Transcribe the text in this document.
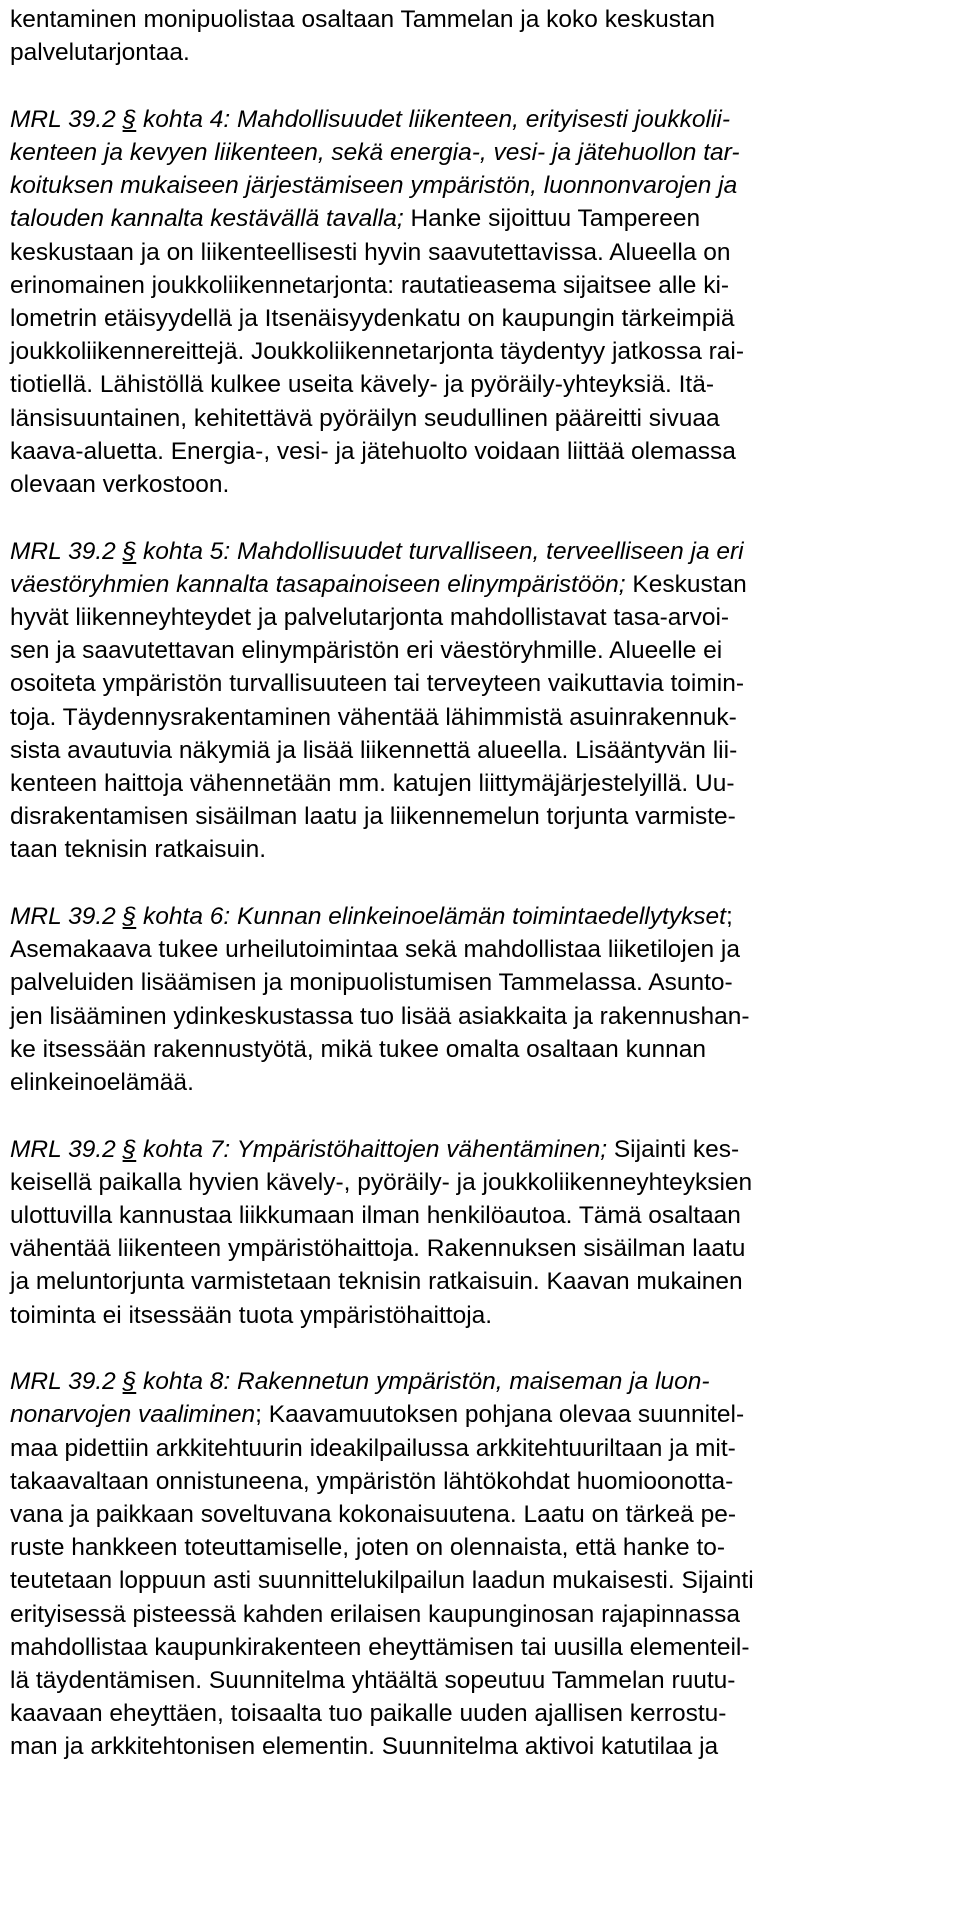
kentaminen monipuolistaa osaltaan Tammelan ja koko keskustan
palvelutarjontaa.
MRL 39.2 § kohta 4: Mahdollisuudet liikenteen, erityisesti joukkolii-
kenteen ja kevyen liikenteen, sekä energia-, vesi- ja jätehuollon tar-
koituksen mukaiseen järjestämiseen ympäristön, luonnonvarojen ja
talouden kannalta kestävällä tavalla; Hanke sijoittuu Tampereen
keskustaan ja on liikenteellisesti hyvin saavutettavissa. Alueella on
erinomainen joukkoliikennetarjonta: rautatieasema sijaitsee alle ki-
lometrin etäisyydellä ja Itsenäisyydenkatu on kaupungin tärkeimpiä
joukkoliikennereittejä. Joukkoliikennetarjonta täydentyy jatkossa rai-
tiotiellä. Lähistöllä kulkee useita kävely- ja pyöräily-yhteyksiä. Itä-
länsisuuntainen, kehitettävä pyöräilyn seudullinen pääreitti sivuaa
kaava-aluetta. Energia-, vesi- ja jätehuolto voidaan liittää olemassa
olevaan verkostoon.
MRL 39.2 § kohta 5: Mahdollisuudet turvalliseen, terveelliseen ja eri
väestöryhmien kannalta tasapainoiseen elinympäristöön; Keskustan
hyvät liikenneyhteydet ja palvelutarjonta mahdollistavat tasa-arvoi-
sen ja saavutettavan elinympäristön eri väestöryhmille. Alueelle ei
osoiteta ympäristön turvallisuuteen tai terveyteen vaikuttavia toimin-
toja. Täydennysrakentaminen vähentää lähimmistä asuinrakennuk-
sista avautuvia näkymiä ja lisää liikennettä alueella. Lisääntyvän lii-
kenteen haittoja vähennetään mm. katujen liittymäjärjestelyillä. Uu-
disrakentamisen sisäilman laatu ja liikennemelun torjunta varmiste-
taan teknisin ratkaisuin.
MRL 39.2 § kohta 6: Kunnan elinkeinoelämän toimintaedellytykset;
Asemakaava tukee urheilutoimintaa sekä mahdollistaa liiketilojen ja
palveluiden lisäämisen ja monipuolistumisen Tammelassa. Asunto-
jen lisääminen ydinkeskustassa tuo lisää asiakkaita ja rakennushan-
ke itsessään rakennustyötä, mikä tukee omalta osaltaan kunnan
elinkeinoelämää.
MRL 39.2 § kohta 7: Ympäristöhaittojen vähentäminen; Sijainti kes-
keisellä paikalla hyvien kävely-, pyöräily- ja joukkoliikenneyhteyksien
ulottuvilla kannustaa liikkumaan ilman henkilöautoa. Tämä osaltaan
vähentää liikenteen ympäristöhaittoja. Rakennuksen sisäilman laatu
ja meluntorjunta varmistetaan teknisin ratkaisuin. Kaavan mukainen
toiminta ei itsessään tuota ympäristöhaittoja.
MRL 39.2 § kohta 8: Rakennetun ympäristön, maiseman ja luon-
nonarvojen vaaliminen; Kaavamuutoksen pohjana olevaa suunnitel-
maa pidettiin arkkitehtuurin ideakilpailussa arkkitehtuuriltaan ja mit-
takaavaltaan onnistuneena, ympäristön lähtökohdat huomioonotta-
vana ja paikkaan soveltuvana kokonaisuutena. Laatu on tärkeä pe-
ruste hankkeen toteuttamiselle, joten on olennaista, että hanke to-
teutetaan loppuun asti suunnittelukilpailun laadun mukaisesti. Sijainti
erityisessä pisteessä kahden erilaisen kaupunginosan rajapinnassa
mahdollistaa kaupunkirakenteen eheyttämisen tai uusilla elementeil-
lä täydentämisen. Suunnitelma yhtäältä sopeutuu Tammelan ruutu-
kaavaan eheyttäen, toisaalta tuo paikalle uuden ajallisen kerrostu-
man ja arkkitehtonisen elementin. Suunnitelma aktivoi katutilaa ja
